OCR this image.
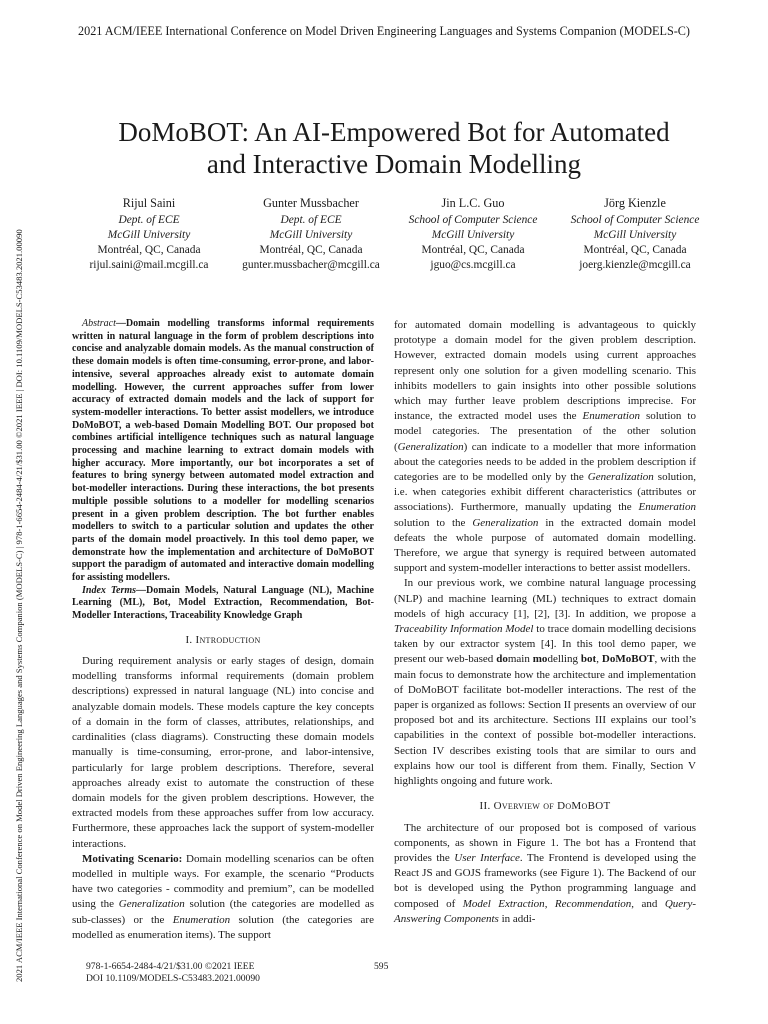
2021 ACM/IEEE International Conference on Model Driven Engineering Languages and Systems Companion (MODELS-C)
2021 ACM/IEEE International Conference on Model Driven Engineering Languages and Systems Companion (MODELS-C) | 978-1-6654-2484-4/21/$31.00 ©2021 IEEE | DOI: 10.1109/MODELS-C53483.2021.00090
DoMoBOT: An AI-Empowered Bot for Automated
and Interactive Domain Modelling
Rijul Saini
Dept. of ECE
McGill University
Montréal, QC, Canada
rijul.saini@mail.mcgill.ca
Gunter Mussbacher
Dept. of ECE
McGill University
Montréal, QC, Canada
gunter.mussbacher@mcgill.ca
Jin L.C. Guo
School of Computer Science
McGill University
Montréal, QC, Canada
jguo@cs.mcgill.ca
Jörg Kienzle
School of Computer Science
McGill University
Montréal, QC, Canada
joerg.kienzle@mcgill.ca

Abstract—Domain modelling transforms informal requirements written in natural language in the form of problem descriptions into concise and analyzable domain models. As the manual construction of these domain models is often time-consuming, error-prone, and labor-intensive, several approaches already exist to automate domain modelling. However, the current approaches suffer from lower accuracy of extracted domain models and the lack of support for system-modeller interactions. To better assist modellers, we introduce DoMoBOT, a web-based Domain Modelling BOT. Our proposed bot combines artificial intelligence techniques such as natural language processing and machine learning to extract domain models with higher accuracy. More importantly, our bot incorporates a set of features to bring synergy between automated model extraction and bot-modeller interactions. During these interactions, the bot presents multiple possible solutions to a modeller for modelling scenarios present in a given problem description. The bot further enables modellers to switch to a particular solution and updates the other parts of the domain model proactively. In this tool demo paper, we demonstrate how the implementation and architecture of DoMoBOT support the paradigm of automated and interactive domain modelling for assisting modellers.

Index Terms—Domain Models, Natural Language (NL), Machine Learning (ML), Bot, Model Extraction, Recommendation, Bot-Modeller Interactions, Traceability Knowledge Graph

I. Introduction

During requirement analysis or early stages of design, domain modelling transforms informal requirements (domain problem descriptions) expressed in natural language (NL) into concise and analyzable domain models. These models capture the key concepts of a domain in the form of classes, attributes, relationships, and cardinalities (class diagrams). Constructing these domain models manually is time-consuming, error-prone, and labor-intensive, particularly for large problem descriptions. Therefore, several approaches already exist to automate the construction of these domain models for the given problem descriptions. However, the extracted models from these approaches suffer from low accuracy. Furthermore, these approaches lack the support of system-modeller interactions.

Motivating Scenario: Domain modelling scenarios can be often modelled in multiple ways. For example, the scenario “Products have two categories - commodity and premium”, can be modelled using the Generalization solution (the categories are modelled as sub-classes) or the Enumeration solution (the categories are modelled as enumeration items). The support

for automated domain modelling is advantageous to quickly prototype a domain model for the given problem description. However, extracted domain models using current approaches represent only one solution for a given modelling scenario. This inhibits modellers to gain insights into other possible solutions which may further leave problem descriptions imprecise. For instance, the extracted model uses the Enumeration solution to model categories. The presentation of the other solution (Generalization) can indicate to a modeller that more information about the categories needs to be added in the problem description if categories are to be modelled only by the Generalization solution, i.e. when categories exhibit different characteristics (attributes or associations). Furthermore, manually updating the Enumeration solution to the Generalization in the extracted domain model defeats the whole purpose of automated domain modelling. Therefore, we argue that synergy is required between automated support and system-modeller interactions to better assist modellers.

In our previous work, we combine natural language processing (NLP) and machine learning (ML) techniques to extract domain models of high accuracy [1], [2], [3]. In addition, we propose a Traceability Information Model to trace domain modelling decisions taken by our extractor system [4]. In this tool demo paper, we present our web-based domain modelling bot, DoMoBOT, with the main focus to demonstrate how the architecture and implementation of DoMoBOT facilitate bot-modeller interactions. The rest of the paper is organized as follows: Section II presents an overview of our proposed bot and its architecture. Sections III explains our tool’s capabilities in the context of possible bot-modeller interactions. Section IV describes existing tools that are similar to ours and explains how our tool is different from them. Finally, Section V highlights ongoing and future work.

II. Overview of DoMoBOT

The architecture of our proposed bot is composed of various components, as shown in Figure 1. The bot has a Frontend that provides the User Interface. The Frontend is developed using the React JS and GOJS frameworks (see Figure 1). The Backend of our bot is developed using the Python programming language and composed of Model Extraction, Recommendation, and Query-Answering Components in addi-

978-1-6654-2484-4/21/$31.00 ©2021 IEEE
DOI 10.1109/MODELS-C53483.2021.00090
595
